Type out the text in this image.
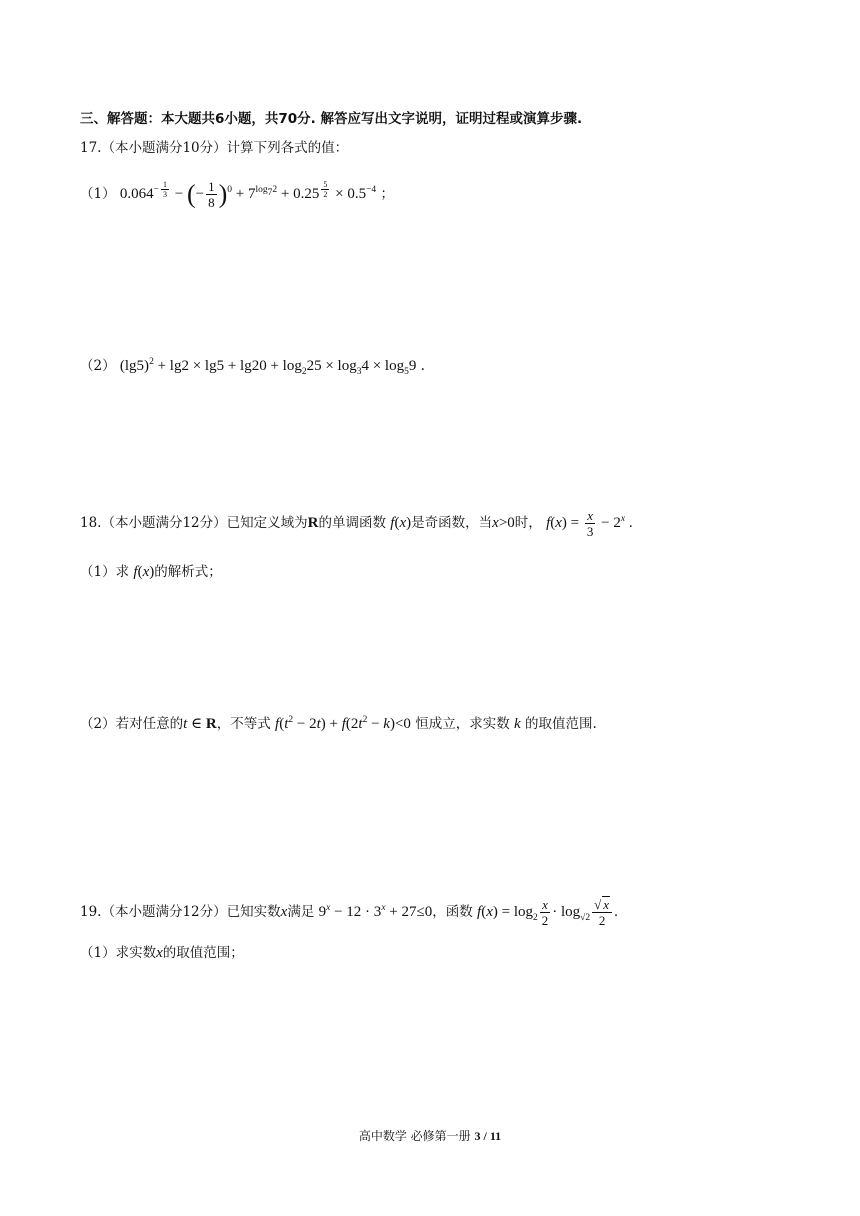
三、解答题：本大题共6小题，共70分. 解答应写出文字说明，证明过程或演算步骤.
17.（本小题满分10分）计算下列各式的值：
（1） $0.064^{- \frac{1}{3}}$ − (− $\frac{1}{8} )^0 + 7^{log_72} + 0.25$ $^{\frac{5}{2}} \times 0.5^{-4}$ ；
（2） $(\lg 5)^2 + \lg 2 \times \lg 5 + \lg 20 + \log_225 \times \log_34 \times \log_59$ .
18.（本小题满分12分）已知定义域为R的单调函数 f(x)是奇函数，当x>0时， $f(x) = \frac{x}{3} - 2^x$ .
（1）求 f(x)的解析式；
（2）若对任意的t ∈ R，不等式 $f(t^2 - 2t) + f(2t^2 - k)<0$ 恒成立，求实数 k 的取值范围.
19.（本小题满分12分）已知实数x满足 $9^x - 12 \cdot 3^x + 27\le 0$，函数 $f(x) = \log_2 \frac{x}{2} \cdot \log_{√2} \frac{√ x}{2}$ .
（1）求实数x的取值范围；
高中数学 必修第一册 3 / 11
